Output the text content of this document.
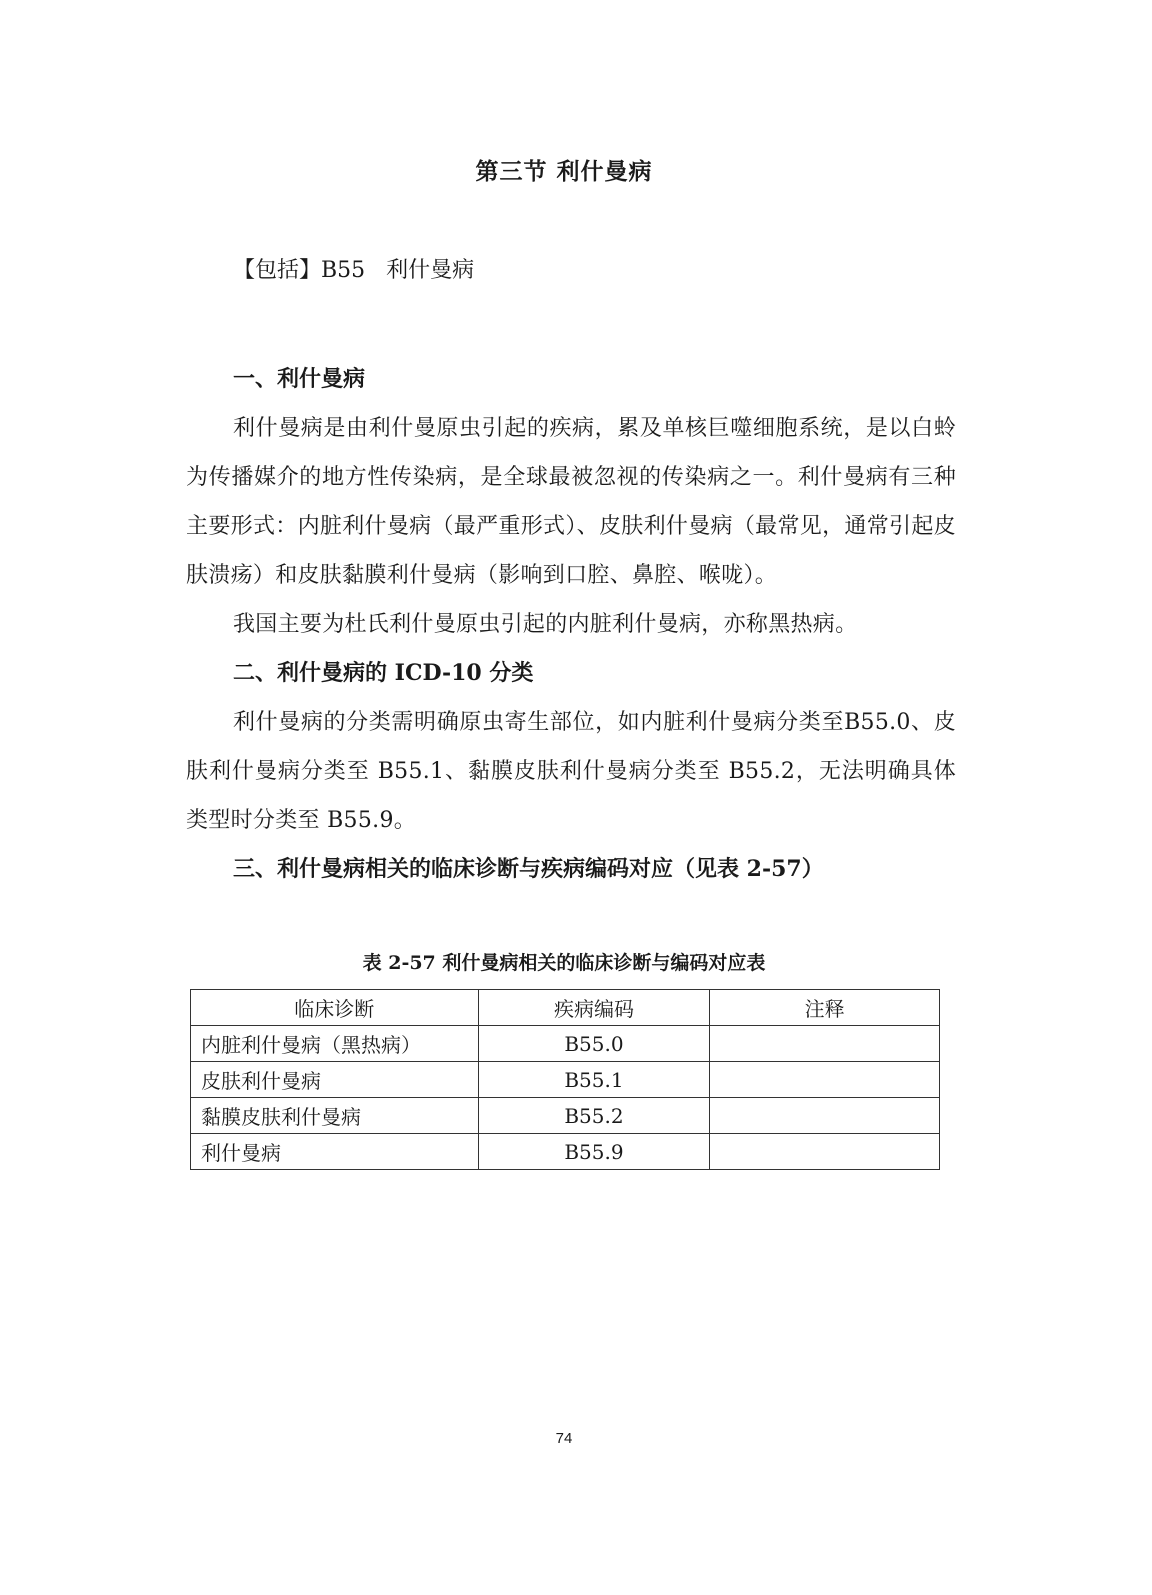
第三节 利什曼病
【包括】B55   利什曼病

一、利什曼病

利什曼病是由利什曼原虫引起的疾病，累及单核巨噬细胞系统，是以白蛉为传播媒介的地方性传染病，是全球最被忽视的传染病之一。利什曼病有三种主要形式：内脏利什曼病（最严重形式）、皮肤利什曼病（最常见，通常引起皮肤溃疡）和皮肤黏膜利什曼病（影响到口腔、鼻腔、喉咙）。

我国主要为杜氏利什曼原虫引起的内脏利什曼病，亦称黑热病。

二、利什曼病的 ICD-10 分类

利什曼病的分类需明确原虫寄生部位，如内脏利什曼病分类至B55.0、皮肤利什曼病分类至 B55.1、黏膜皮肤利什曼病分类至 B55.2，无法明确具体类型时分类至 B55.9。

三、利什曼病相关的临床诊断与疾病编码对应（见表 2-57）

表 2-57 利什曼病相关的临床诊断与编码对应表
临床诊断	疾病编码	注释
内脏利什曼病（黑热病）	B55.0	
皮肤利什曼病	B55.1	
黏膜皮肤利什曼病	B55.2	
利什曼病	B55.9	
74
